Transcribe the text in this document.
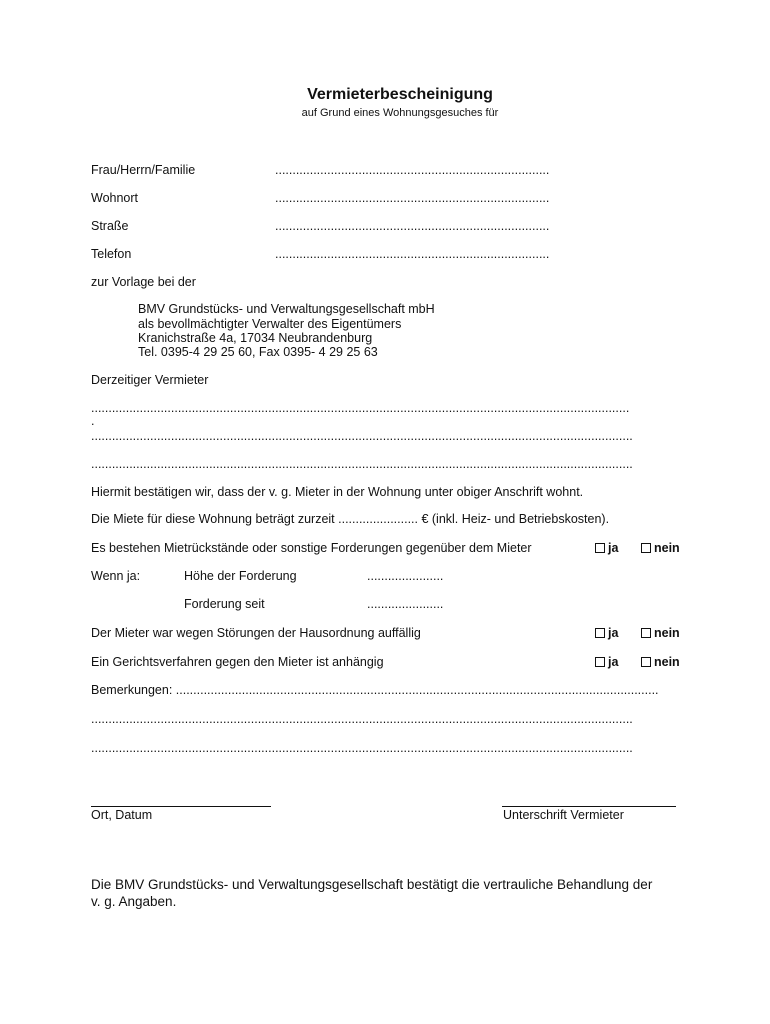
Vermieterbescheinigung
auf Grund eines Wohnungsgesuches für
Frau/Herrn/Familie	...............................................................................
Wohnort	...............................................................................
Straße	...............................................................................
Telefon	...............................................................................
zur Vorlage bei der
BMV Grundstücks- und Verwaltungsgesellschaft mbH
als bevollmächtigter Verwalter des Eigentümers
Kranichstraße 4a, 17034 Neubrandenburg
Tel. 0395-4 29 25 60, Fax 0395- 4 29 25 63
Derzeitiger Vermieter
...........................................................................................................................................................
.
............................................................................................................................................................
............................................................................................................................................................
Hiermit bestätigen wir, dass der v. g. Mieter in der Wohnung unter obiger Anschrift wohnt.
Die Miete für diese Wohnung beträgt zurzeit ....................... € (inkl. Heiz- und Betriebskosten).
Es bestehen Mietrückstände oder sonstige Forderungen gegenüber dem Mieter	ja	nein
Wenn ja:	Höhe der Forderung	......................
Forderung seit	......................
Der Mieter war wegen Störungen der Hausordnung auffällig	ja	nein
Ein Gerichtsverfahren gegen den Mieter ist anhängig	ja	nein
Bemerkungen: ...........................................................................................................................................
............................................................................................................................................................
............................................................................................................................................................
Ort, Datum	Unterschrift Vermieter
Die BMV Grundstücks- und Verwaltungsgesellschaft bestätigt die vertrauliche Behandlung der
v. g. Angaben.
